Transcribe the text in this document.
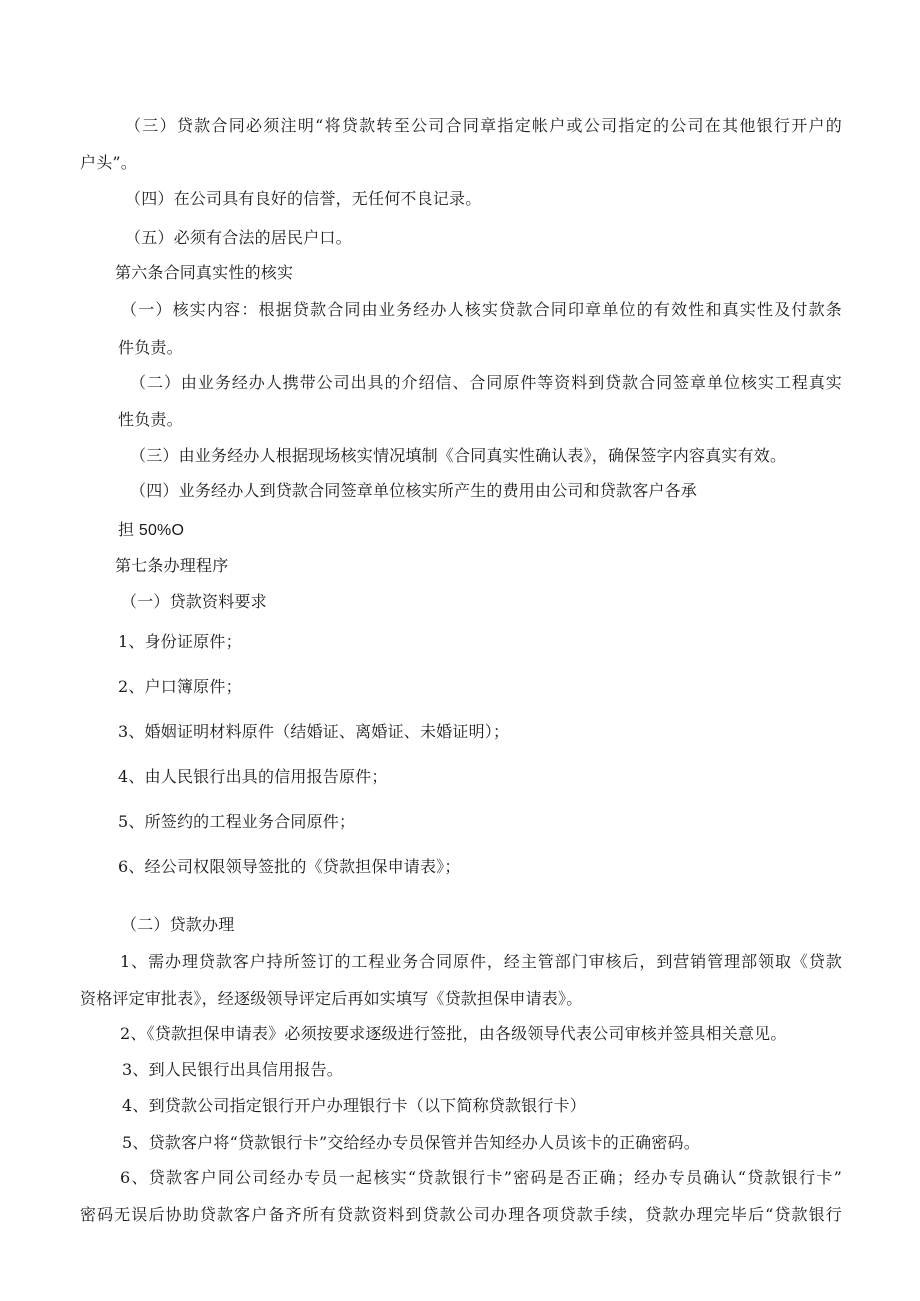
（三）贷款合同必须注明“将贷款转至公司合同章指定帐户或公司指定的公司在其他银行开户的
户头”。
（四）在公司具有良好的信誉，无任何不良记录。
（五）必须有合法的居民户口。
第六条合同真实性的核实
（一）核实内容：根据贷款合同由业务经办人核实贷款合同印章单位的有效性和真实性及付款条
件负责。
（二）由业务经办人携带公司出具的介绍信、合同原件等资料到贷款合同签章单位核实工程真实
性负责。
（三）由业务经办人根据现场核实情况填制《合同真实性确认表》，确保签字内容真实有效。
（四）业务经办人到贷款合同签章单位核实所产生的费用由公司和贷款客户各承
担 50%O
第七条办理程序
（一）贷款资料要求
1、身份证原件；
2、户口簿原件；
3、婚姻证明材料原件（结婚证、离婚证、未婚证明）；
4、由人民银行出具的信用报告原件；
5、所签约的工程业务合同原件；
6、经公司权限领导签批的《贷款担保申请表》；
（二）贷款办理
1、需办理贷款客户持所签订的工程业务合同原件，经主管部门审核后，到营销管理部领取《贷款
资格评定审批表》，经逐级领导评定后再如实填写《贷款担保申请表》。
2、《贷款担保申请表》必须按要求逐级进行签批，由各级领导代表公司审核并签具相关意见。
3、到人民银行出具信用报告。
4、到贷款公司指定银行开户办理银行卡（以下简称贷款银行卡）
5、贷款客户将“贷款银行卡”交给经办专员保管并告知经办人员该卡的正确密码。
6、贷款客户同公司经办专员一起核实“贷款银行卡”密码是否正确；经办专员确认“贷款银行卡”
密码无误后协助贷款客户备齐所有贷款资料到贷款公司办理各项贷款手续，贷款办理完毕后“贷款银行
